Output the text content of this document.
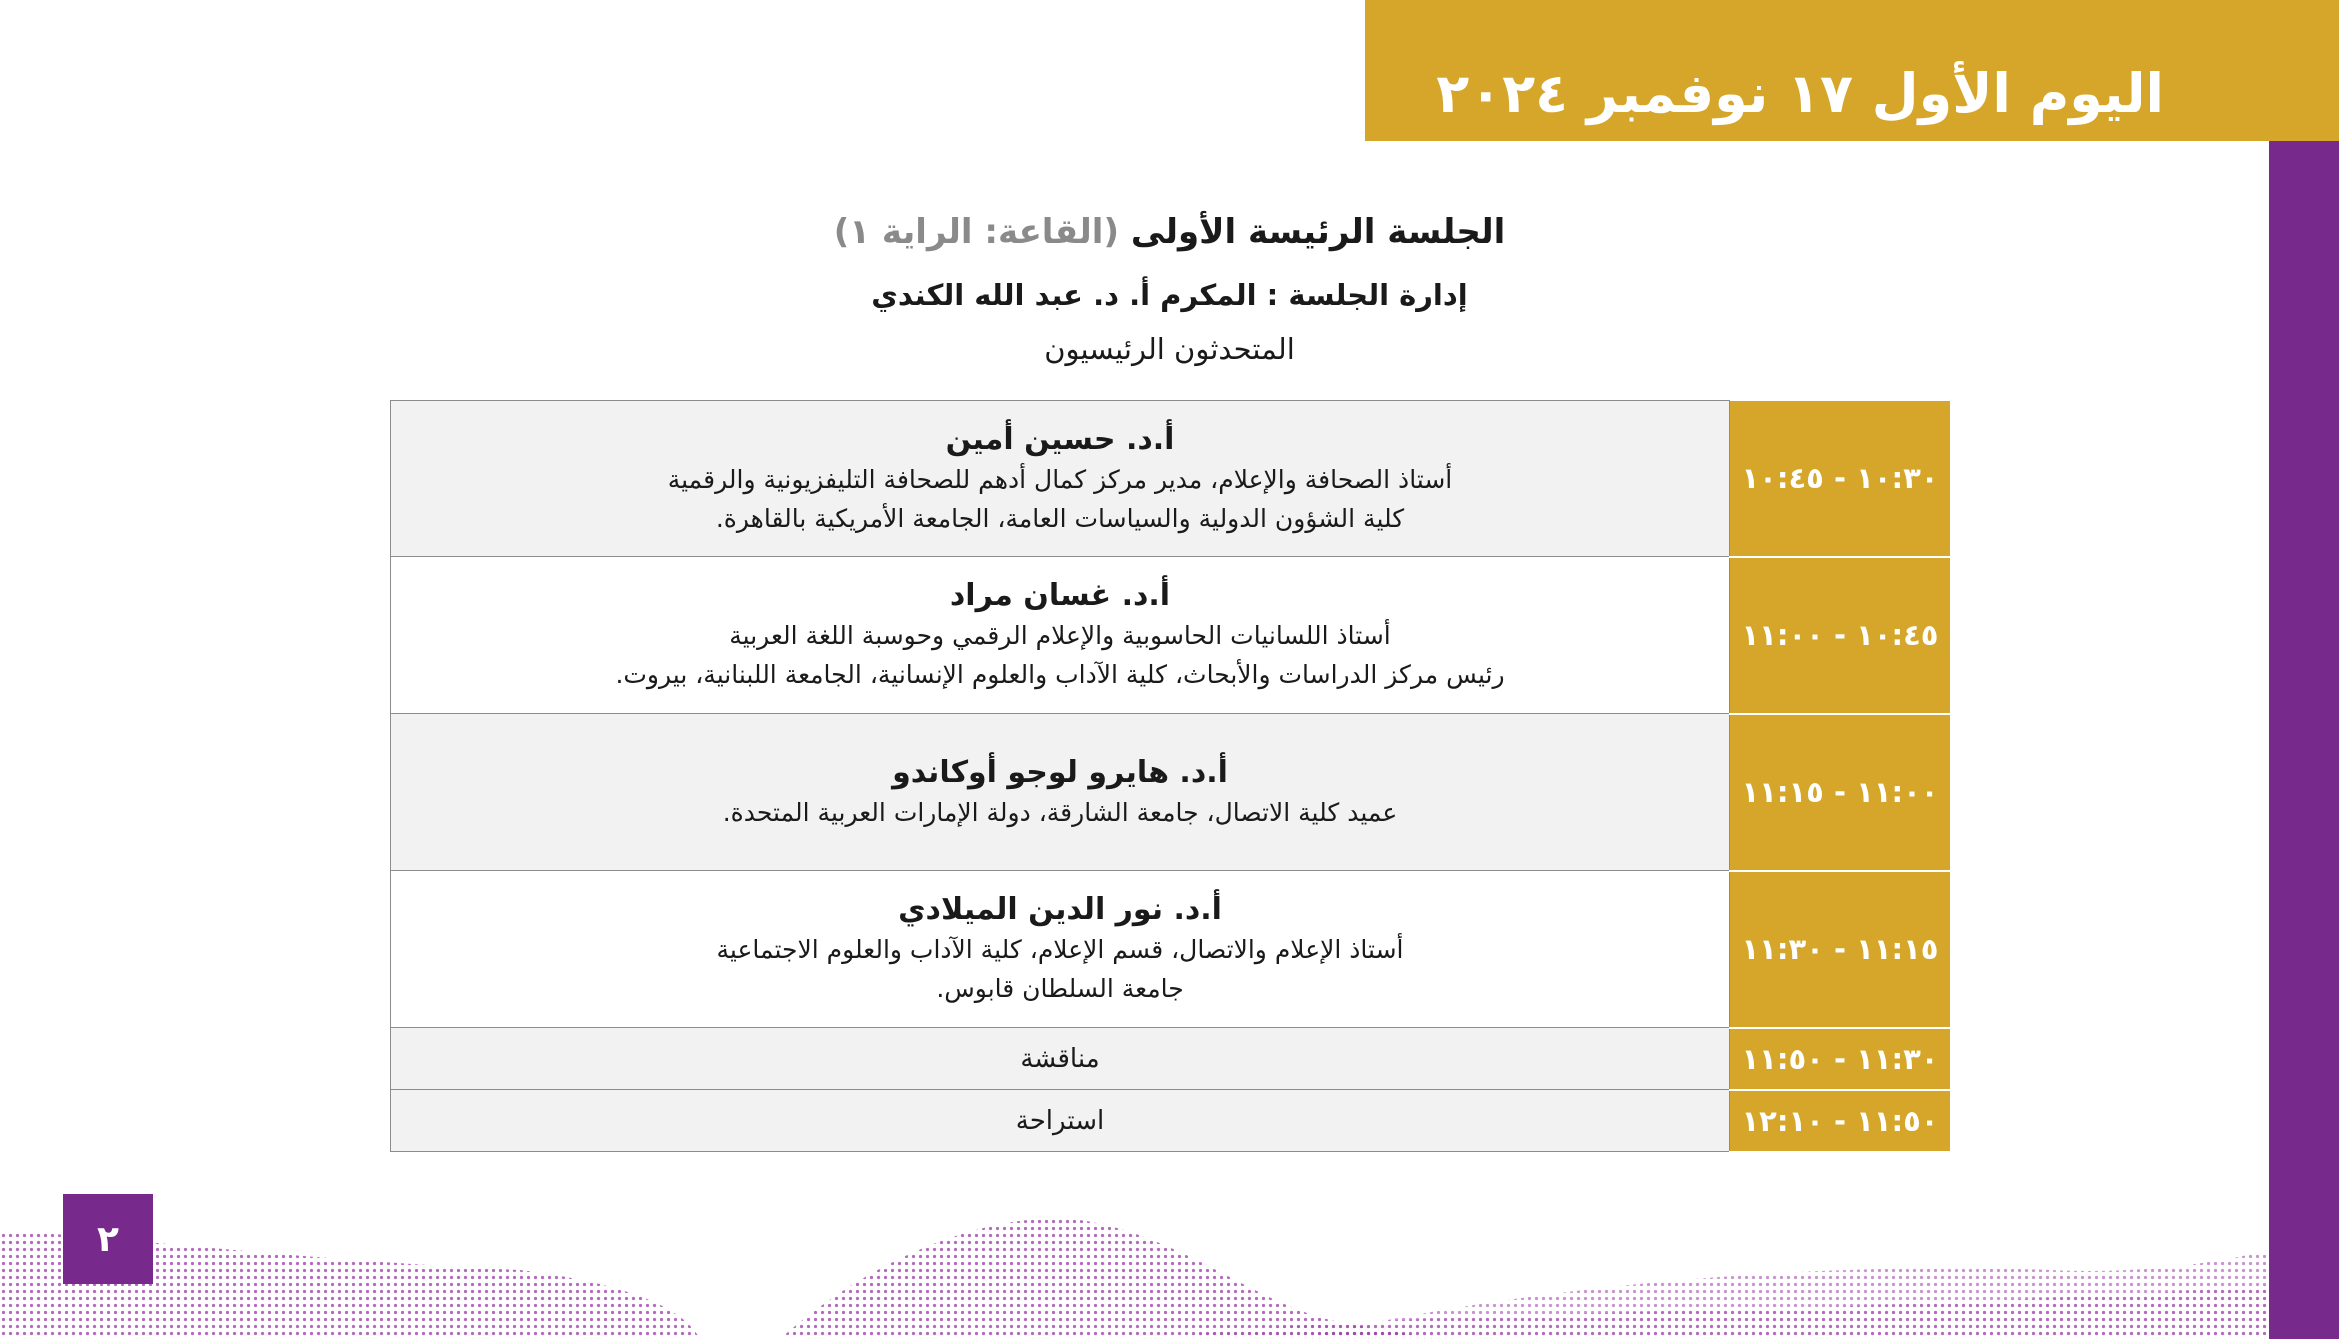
اليوم الأول ١٧ نوفمبر ٢٠٢٤
الجلسة الرئيسة الأولى (القاعة: الراية ١)
إدارة الجلسة : المكرم أ. د. عبد الله الكندي
المتحدثون الرئيسيون
أ.د. حسين أمين
أستاذ الصحافة والإعلام، مدير مركز كمال أدهم للصحافة التليفزيونية والرقمية
كلية الشؤون الدولية والسياسات العامة، الجامعة الأمريكية بالقاهرة.	١٠:٣٠ - ١٠:٤٥

أ.د. غسان مراد
أستاذ اللسانيات الحاسوبية والإعلام الرقمي وحوسبة اللغة العربية
رئيس مركز الدراسات والأبحاث، كلية الآداب والعلوم الإنسانية، الجامعة اللبنانية، بيروت.	١٠:٤٥ - ١١:٠٠

أ.د. هايرو لوجو أوكاندو
عميد كلية الاتصال، جامعة الشارقة، دولة الإمارات العربية المتحدة.	١١:٠٠ - ١١:١٥

أ.د. نور الدين الميلادي
أستاذ الإعلام والاتصال، قسم الإعلام، كلية الآداب والعلوم الاجتماعية
جامعة السلطان قابوس.	١١:١٥ - ١١:٣٠
مناقشة	١١:٣٠ - ١١:٥٠
استراحة	١١:٥٠ - ١٢:١٠
٢
